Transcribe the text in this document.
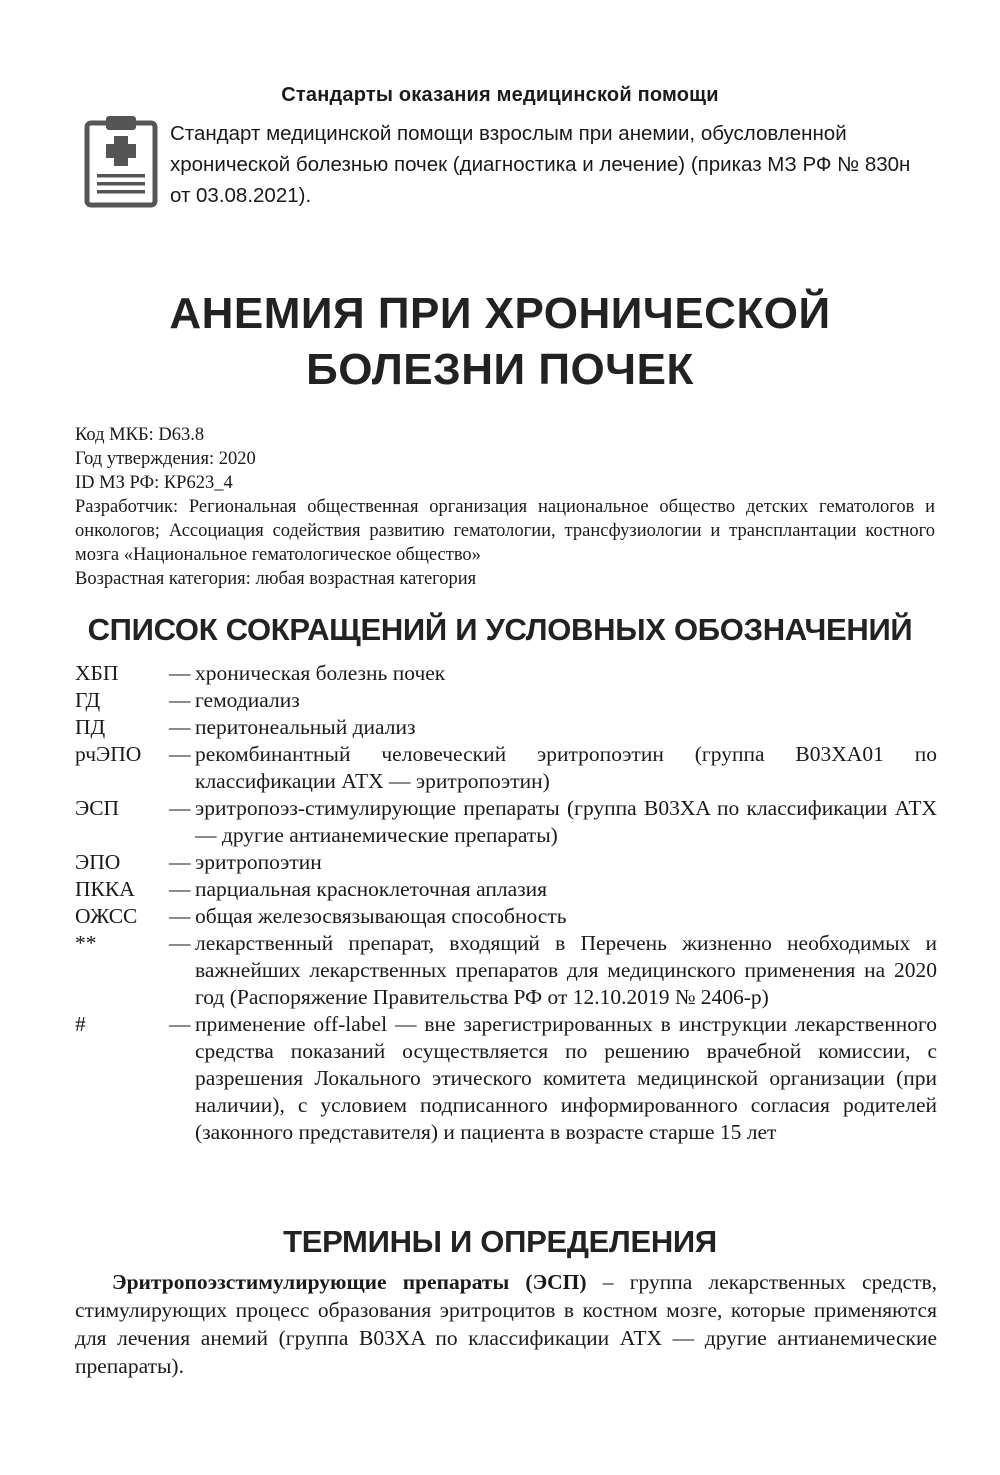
Стандарты оказания медицинской помощи
Стандарт медицинской помощи взрослым при анемии, обусловленной хронической болезнью почек (диагностика и лечение) (приказ МЗ РФ № 830н от 03.08.2021).
АНЕМИЯ ПРИ ХРОНИЧЕСКОЙ
БОЛЕЗНИ ПОЧЕК
Код МКБ: D63.8
Год утверждения: 2020
ID МЗ РФ: КР623_4
Разработчик: Региональная общественная организация национальное общество детских гематологов и онкологов; Ассоциация содействия развитию гематологии, трансфузиологии и трансплантации костного мозга «Национальное гематологическое общество»
Возрастная категория: любая возрастная категория
СПИСОК СОКРАЩЕНИЙ И УСЛОВНЫХ ОБОЗНАЧЕНИЙ
ХБП	— хроническая болезнь почек
ГД	— гемодиализ
ПД	— перитонеальный диализ
рчЭПО	— рекомбинантный человеческий эритропоэтин (группа B03XA01 по классификации АТХ — эритропоэтин)
ЭСП	— эритропоэз-стимулирующие препараты (группа B03XA по классификации АТХ — другие антианемические препараты)
ЭПО	— эритропоэтин
ПККА	— парциальная красноклеточная аплазия
ОЖСС	— общая железосвязывающая способность
**	— лекарственный препарат, входящий в Перечень жизненно необходимых и важнейших лекарственных препаратов для медицинского применения на 2020 год (Распоряжение Правительства РФ от 12.10.2019 № 2406-р)
#	— применение off-label — вне зарегистрированных в инструкции лекарственного средства показаний осуществляется по решению врачебной комиссии, с разрешения Локального этического комитета медицинской организации (при наличии), с условием подписанного информированного согласия родителей (законного представителя) и пациента в возрасте старше 15 лет
ТЕРМИНЫ И ОПРЕДЕЛЕНИЯ
Эритропоэзстимулирующие препараты (ЭСП) – группа лекарственных средств, стимулирующих процесс образования эритроцитов в костном мозге, которые применяются для лечения анемий (группа B03XA по классификации АТХ — другие антианемические препараты).
